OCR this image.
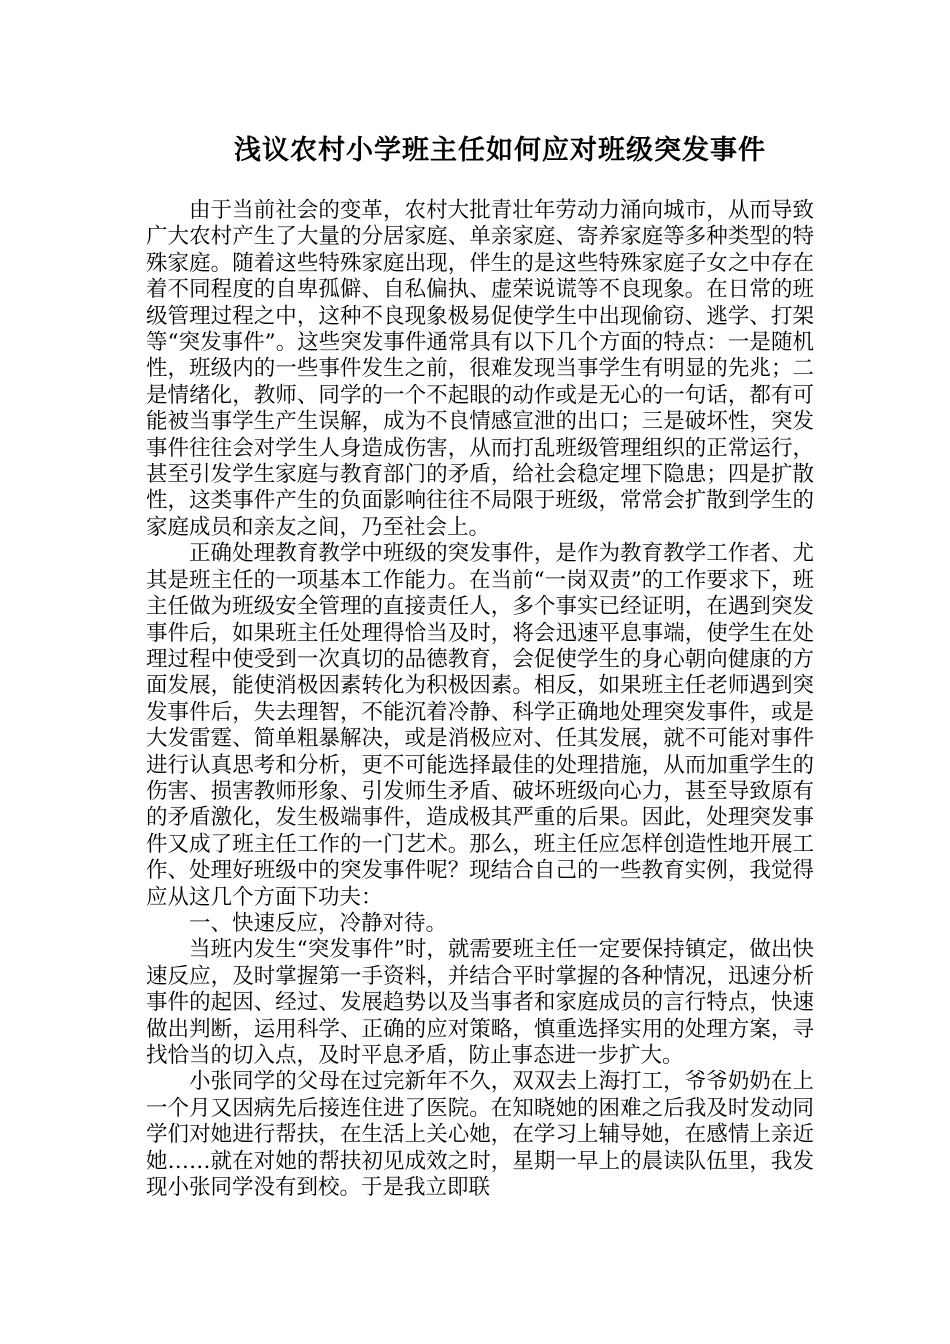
浅议农村小学班主任如何应对班级突发事件

由于当前社会的变革，农村大批青壮年劳动力涌向城市，从而导致广大农村产生了大量的分居家庭、单亲家庭、寄养家庭等多种类型的特殊家庭。随着这些特殊家庭出现，伴生的是这些特殊家庭子女之中存在着不同程度的自卑孤僻、自私偏执、虚荣说谎等不良现象。在日常的班级管理过程之中，这种不良现象极易促使学生中出现偷窃、逃学、打架等“突发事件”。这些突发事件通常具有以下几个方面的特点：一是随机性，班级内的一些事件发生之前，很难发现当事学生有明显的先兆；二是情绪化，教师、同学的一个不起眼的动作或是无心的一句话，都有可能被当事学生产生误解，成为不良情感宣泄的出口；三是破坏性，突发事件往往会对学生人身造成伤害，从而打乱班级管理组织的正常运行，甚至引发学生家庭与教育部门的矛盾，给社会稳定埋下隐患；四是扩散性，这类事件产生的负面影响往往不局限于班级，常常会扩散到学生的家庭成员和亲友之间，乃至社会上。

正确处理教育教学中班级的突发事件，是作为教育教学工作者、尤其是班主任的一项基本工作能力。在当前“一岗双责”的工作要求下，班主任做为班级安全管理的直接责任人，多个事实已经证明，在遇到突发事件后，如果班主任处理得恰当及时，将会迅速平息事端，使学生在处理过程中使受到一次真切的品德教育，会促使学生的身心朝向健康的方面发展，能使消极因素转化为积极因素。相反，如果班主任老师遇到突发事件后，失去理智，不能沉着冷静、科学正确地处理突发事件，或是大发雷霆、简单粗暴解决，或是消极应对、任其发展，就不可能对事件进行认真思考和分析，更不可能选择最佳的处理措施，从而加重学生的伤害、损害教师形象、引发师生矛盾、破坏班级向心力，甚至导致原有的矛盾激化，发生极端事件，造成极其严重的后果。因此，处理突发事件又成了班主任工作的一门艺术。那么，班主任应怎样创造性地开展工作、处理好班级中的突发事件呢？现结合自己的一些教育实例，我觉得应从这几个方面下功夫：

一、快速反应，冷静对待。

当班内发生“突发事件”时，就需要班主任一定要保持镇定，做出快速反应，及时掌握第一手资料，并结合平时掌握的各种情况，迅速分析事件的起因、经过、发展趋势以及当事者和家庭成员的言行特点，快速做出判断，运用科学、正确的应对策略，慎重选择实用的处理方案，寻找恰当的切入点，及时平息矛盾，防止事态进一步扩大。

小张同学的父母在过完新年不久，双双去上海打工，爷爷奶奶在上一个月又因病先后接连住进了医院。在知晓她的困难之后我及时发动同学们对她进行帮扶，在生活上关心她，在学习上辅导她，在感情上亲近她……就在对她的帮扶初见成效之时，星期一早上的晨读队伍里，我发现小张同学没有到校。于是我立即联
